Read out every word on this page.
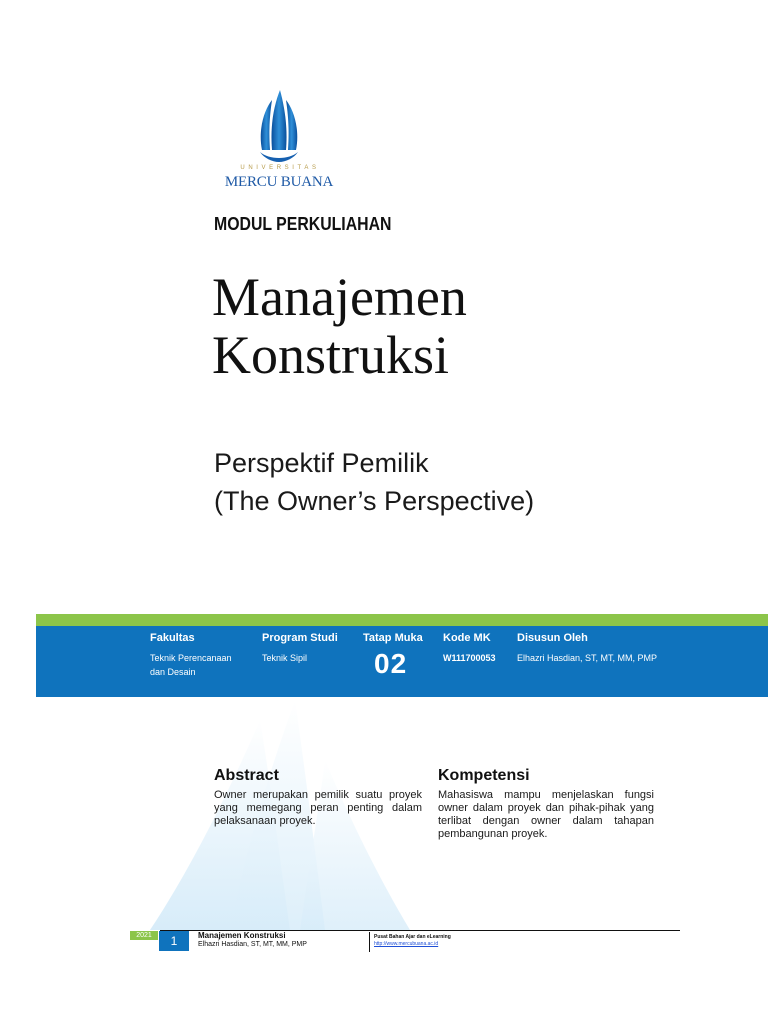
UNIVERSITAS
MERCU BUANA
MODUL PERKULIAHAN
Manajemen
Konstruksi
Perspektif Pemilik
(The Owner’s Perspective)
Fakultas
Teknik Perencanaan
dan Desain
Program Studi
Teknik Sipil
Tatap Muka
02
Kode MK
W111700053
Disusun Oleh
Elhazri Hasdian, ST, MT, MM, PMP
Abstract
Owner merupakan pemilik suatu proyek yang memegang peran penting dalam pelaksanaan proyek.
Kompetensi
Mahasiswa mampu menjelaskan fungsi owner dalam proyek dan pihak-pihak yang terlibat dengan owner dalam tahapan pembangunan proyek.
2021	1	Manajemen Konstruksi
Elhazri Hasdian, ST, MT, MM, PMP
Pusat Bahan Ajar dan eLearning
http://www.mercubuana.ac.id
